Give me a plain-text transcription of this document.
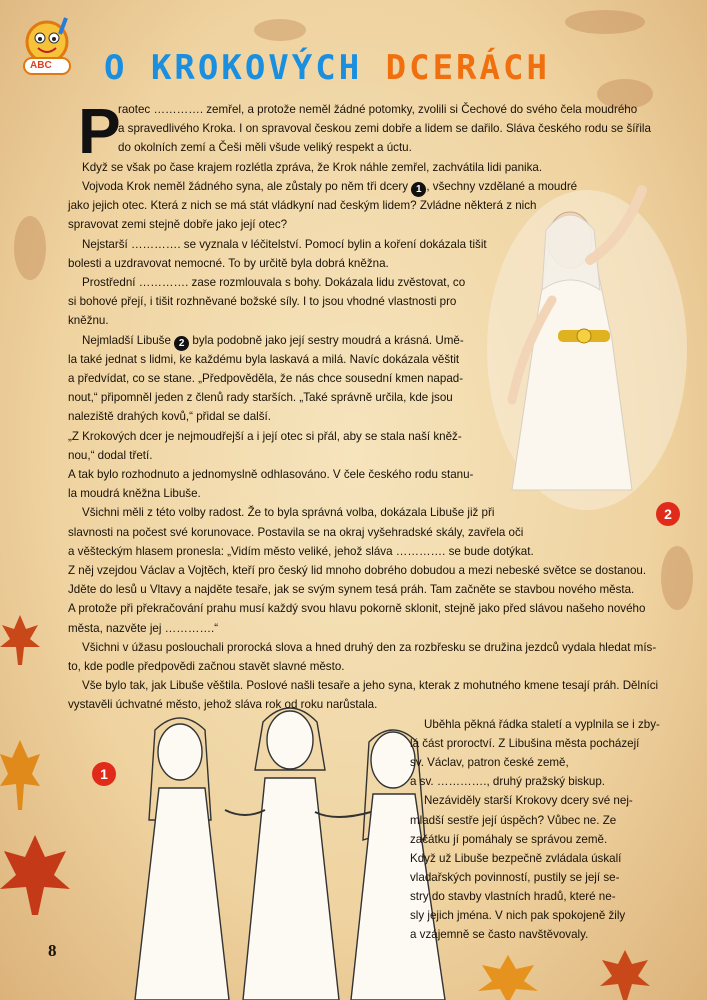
ABC O KROKOVÝCH DCERÁCH
P
2
1
raotec …………. zemřel, a protože neměl žádné potomky, zvolili si Čechové do svého čela moudrého
a spravedlivého Kroka. I on spravoval českou zemi dobře a lidem se dařilo. Sláva českého rodu se šířila
do okolních zemí a Češi měli všude veliký respekt a úctu.
Když se však po čase krajem rozlétla zpráva, že Krok náhle zemřel, zachvátila lidi panika.
Vojvoda Krok neměl žádného syna, ale zůstaly po něm tři dcery 1 , všechny vzdělané a moudré
jako jejich otec. Která z nich se má stát vládkyní nad českým lidem? Zvládne některá z nich
spravovat zemi stejně dobře jako její otec?
Nejstarší …………. se vyznala v léčitelství. Pomocí bylin a koření dokázala tišit
bolesti a uzdravovat nemocné. To by určitě byla dobrá kněžna.
Prostřední …………. zase rozmlouvala s bohy. Dokázala lidu zvěstovat, co
si bohové přejí, i tišit rozhněvané božské síly. I to jsou vhodné vlastnosti pro
kněžnu.
Nejmladší Libuše 2 byla podobně jako její sestry moudrá a krásná. Umě-
la také jednat s lidmi, ke každému byla laskavá a milá. Navíc dokázala věštit
a předvídat, co se stane. „Předpověděla, že nás chce sousední kmen napad-
nout,“ připomněl jeden z členů rady starších. „Také správně určila, kde jsou
naleziště drahých kovů,“ přidal se další.
„Z Krokových dcer je nejmoudřejší a i její otec si přál, aby se stala naší kněž-
nou,“ dodal třetí.
A tak bylo rozhodnuto a jednomyslně odhlasováno. V čele českého rodu stanu-
la moudrá kněžna Libuše.
Všichni měli z této volby radost. Že to byla správná volba, dokázala Libuše již při
slavnosti na počest své korunovace. Postavila se na okraj vyšehradské skály, zavřela oči
a věšteckým hlasem pronesla: „Vidím město veliké, jehož sláva …………. se bude dotýkat.
Z něj vzejdou Václav a Vojtěch, kteří pro český lid mnoho dobrého dobudou a mezi nebeské světce se dostanou.
Jděte do lesů u Vltavy a najděte tesaře, jak se svým synem tesá práh. Tam začněte se stavbou nového města.
A protože při překračování prahu musí každý svou hlavu pokorně sklonit, stejně jako před slávou našeho nového
města, nazvěte jej ………….“
Všichni v úžasu poslouchali prorocká slova a hned druhý den za rozbřesku se družina jezdců vydala hledat mís-
to, kde podle předpovědi začnou stavět slavné město.
Vše bylo tak, jak Libuše věštila. Poslové našli tesaře a jeho syna, kterak z mohutného kmene tesají práh. Dělníci
vystavěli úchvatné město, jehož sláva rok od roku narůstala.
Uběhla pěkná řádka staletí a vyplnila se i zby-
lá část proroctví. Z Libušina města pocházejí
sv. Václav, patron české země,
a sv. …………., druhý pražský biskup.
Nezáviděly starší Krokovy dcery své nej-
mladší sestře její úspěch? Vůbec ne. Ze
začátku jí pomáhaly se správou země.
Když už Libuše bezpečně zvládala úskalí
vladařských povinností, pustily se její se-
stry do stavby vlastních hradů, které ne-
sly jejich jména. V nich pak spokojeně žily
a vzájemně se často navštěvovaly.
8
